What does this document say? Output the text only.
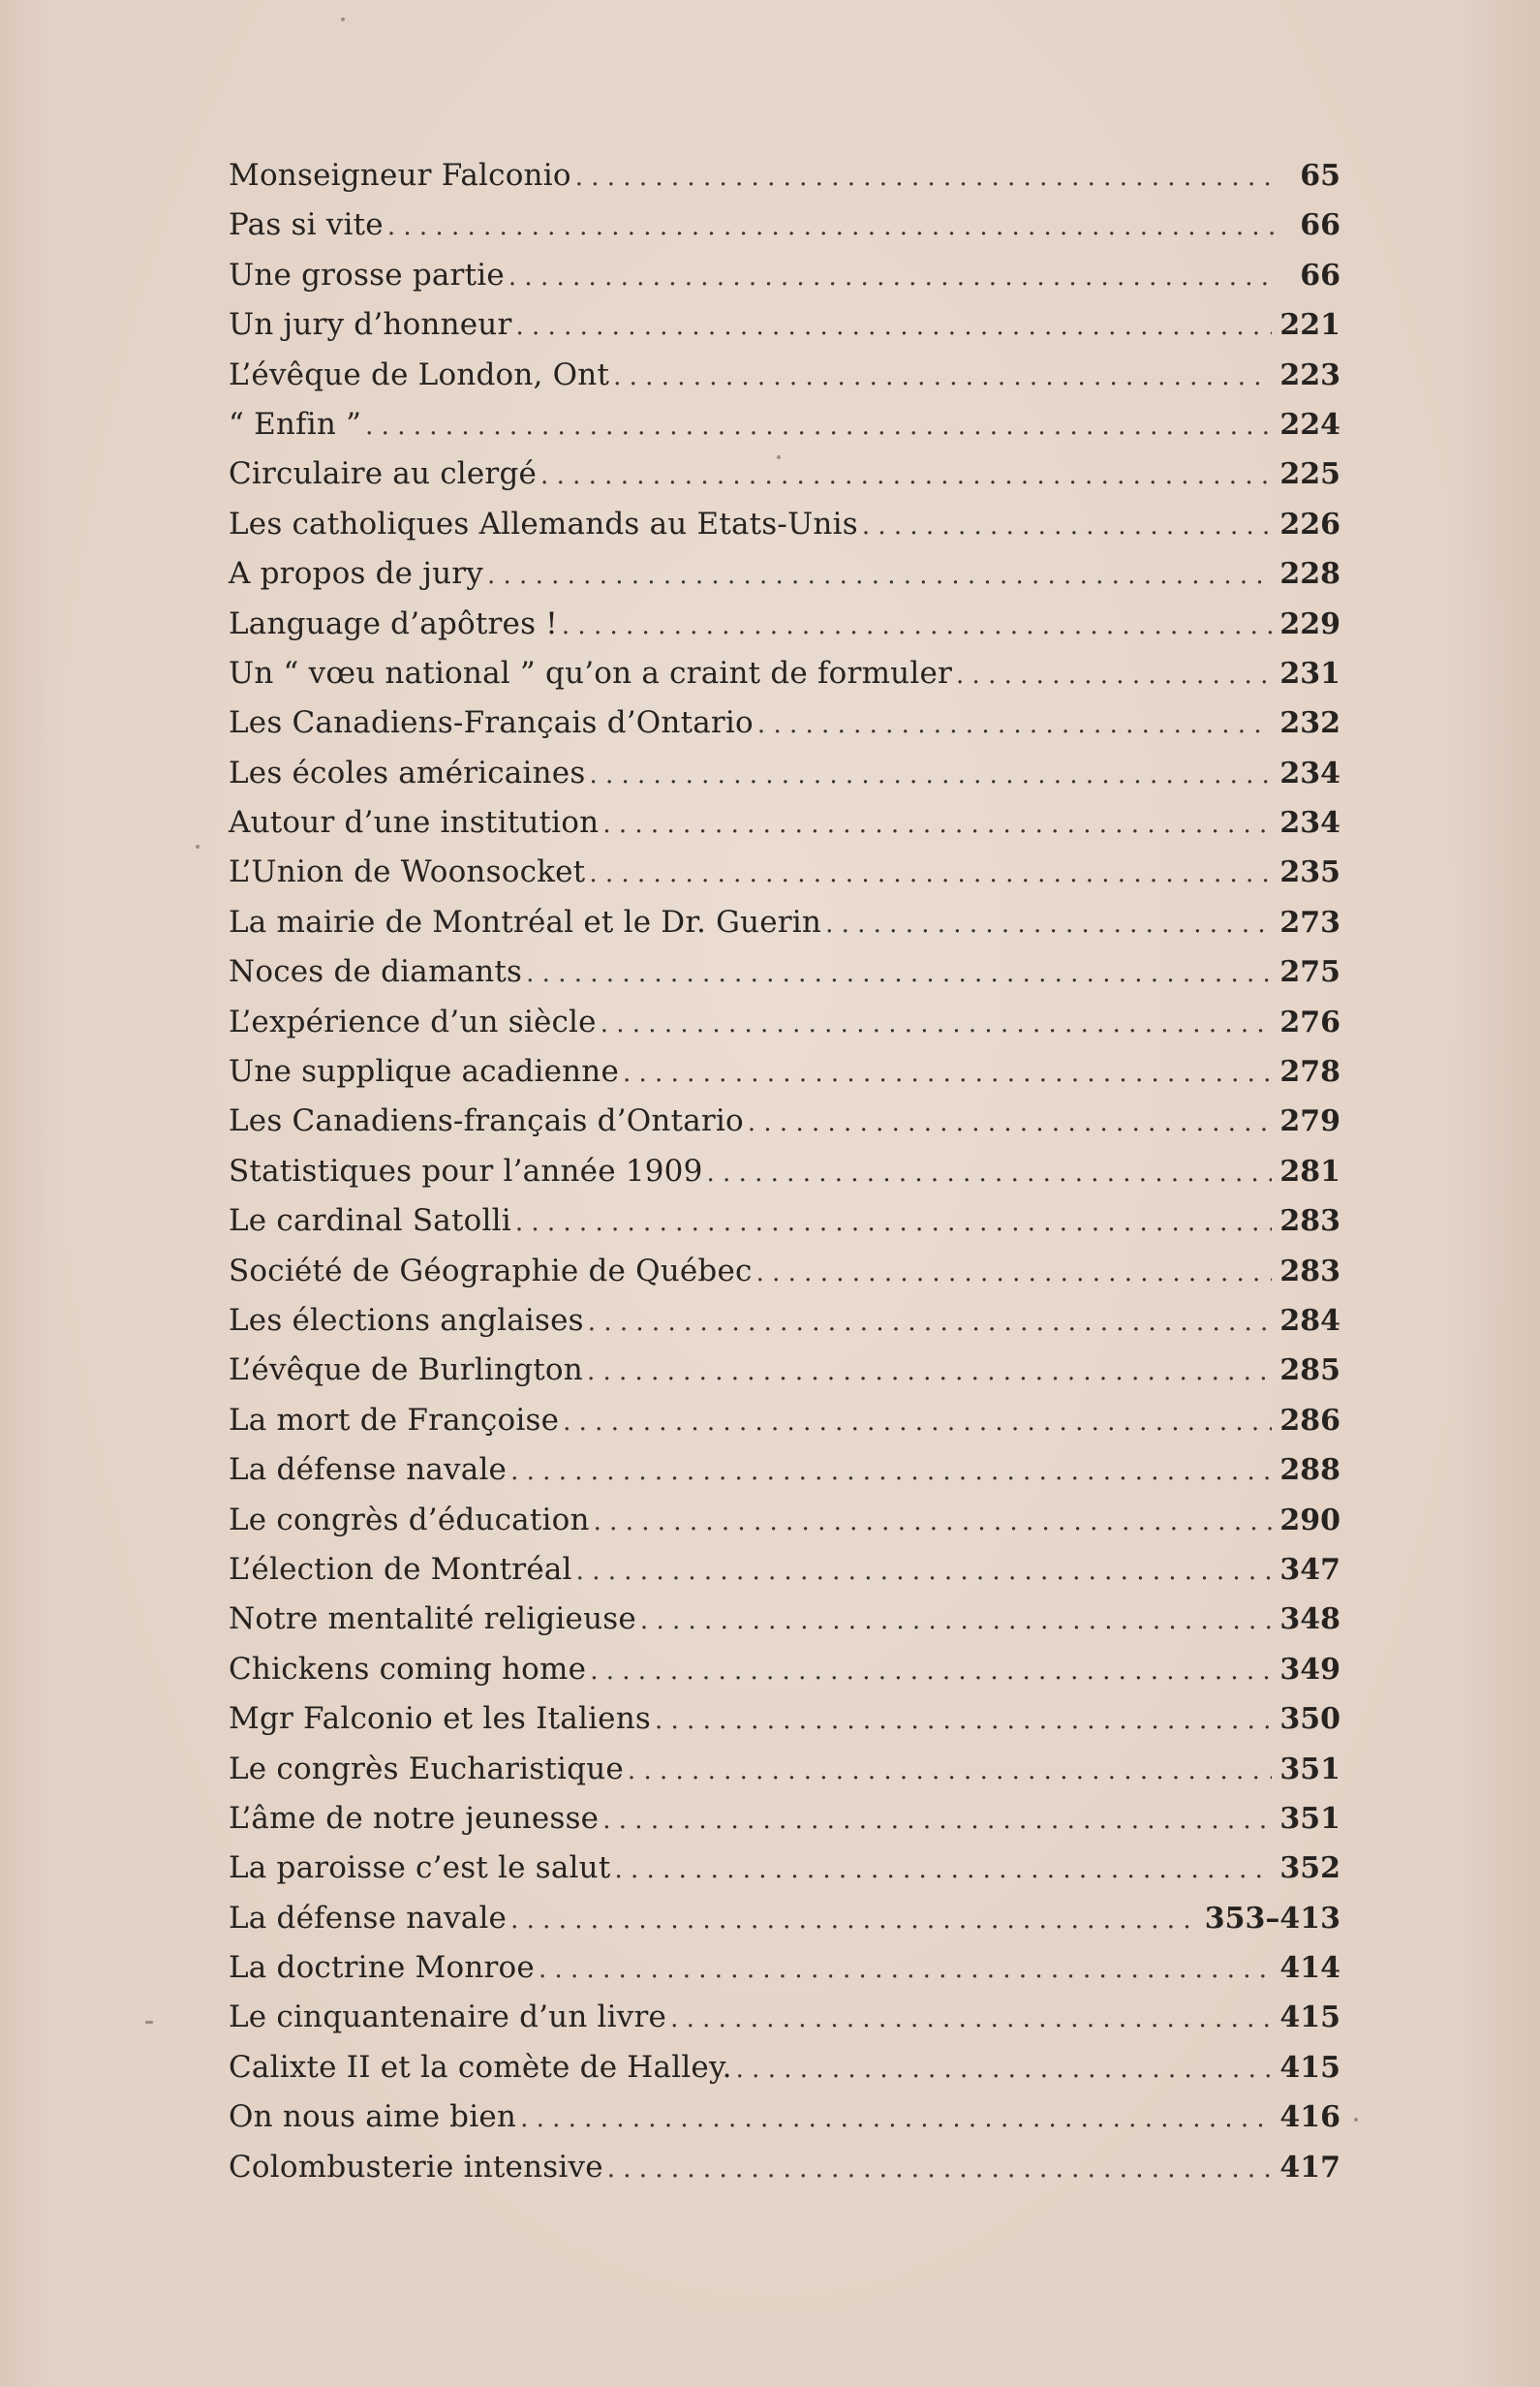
Monseigneur Falconio . . .	65
Pas si vite . . .	66
Une grosse partie . . .	66
Un jury d’honneur . . .	221
L’évêque de London, Ont . . .	223
“ Enfin ” . . .	224
Circulaire au clergé . . .	225
Les catholiques Allemands au Etats-Unis . . .	226
A propos de jury . . .	228
Language d’apôtres ! . . .	229
Un “ vœu national ” qu’on a craint de formuler . . .	231
Les Canadiens-Français d’Ontario . . .	232
Les écoles américaines . . .	234
Autour d’une institution . . .	234
L’Union de Woonsocket . . .	235
La mairie de Montréal et le Dr. Guerin . . .	273
Noces de diamants . . .	275
L’expérience d’un siècle . . .	276
Une supplique acadienne . . .	278
Les Canadiens-français d’Ontario . . .	279
Statistiques pour l’année 1909 . . .	281
Le cardinal Satolli . . .	283
Société de Géographie de Québec . . .	283
Les élections anglaises . . .	284
L’évêque de Burlington . . .	285
La mort de Françoise . . .	286
La défense navale . . .	288
Le congrès d’éducation . . .	290
L’élection de Montréal . . .	347
Notre mentalité religieuse . . .	348
Chickens coming home . . .	349
Mgr Falconio et les Italiens . . .	350
Le congrès Eucharistique . . .	351
L’âme de notre jeunesse . . .	351
La paroisse c’est le salut . . .	352
La défense navale . . .	353–413
La doctrine Monroe . . .	414
Le cinquantenaire d’un livre . . .	415
Calixte II et la comète de Halley. . . .	415
On nous aime bien . . .	416
Colombusterie intensive . . .	417
